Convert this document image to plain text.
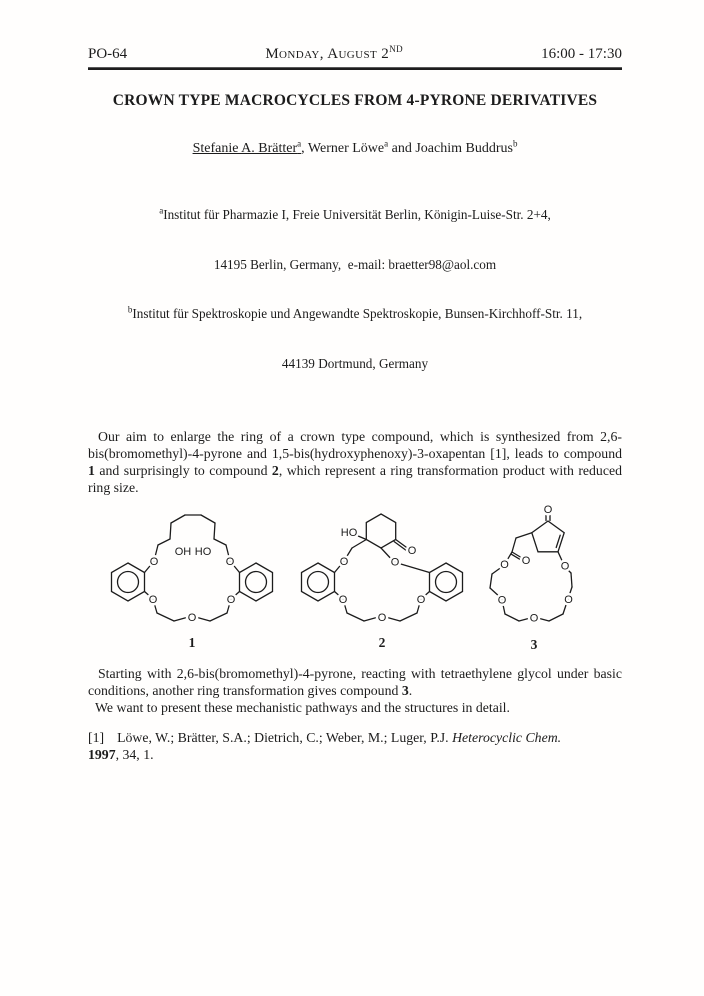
PO-64	Monday, August 2ND	16:00 - 17:30
CROWN TYPE MACROCYCLES FROM 4-PYRONE DERIVATIVES
Stefanie A. Brätter$^a$, Werner Löwe$^a$ and Joachim Buddrus$^b$

$^a$Institut für Pharmazie I, Freie Universität Berlin, Königin-Luise-Str. 2+4,

14195 Berlin, Germany,  e-mail: braetter98@aol.com

$^b$Institut für Spektroskopie und Angewandte Spektroskopie, Bunsen-Kirchhoff-Str. 11,

44139 Dortmund, Germany

Our aim to enlarge the ring of a crown type compound, which is synthesized from 2,6-bis(bromomethyl)-4-pyrone and 1,5-bis(hydroxyphenoxy)-3-oxapentan [1], leads to compound 1 and surprisingly to compound 2, which represent a ring transformation product with reduced ring size.

O	O
OH HO
O
O
O
1
HO
O
O	O
O
O
O
2
O
O
O	O
O
O
O
3

Starting with 2,6-bis(bromomethyl)-4-pyrone, reacting with tetraethylene glycol under basic conditions, another ring transformation gives compound 3.

We want to present these mechanistic pathways and the structures in detail.

[1] Löwe, W.; Brätter, S.A.; Dietrich, C.; Weber, M.; Luger, P.J. Heterocyclic Chem.
1997, 34, 1.
